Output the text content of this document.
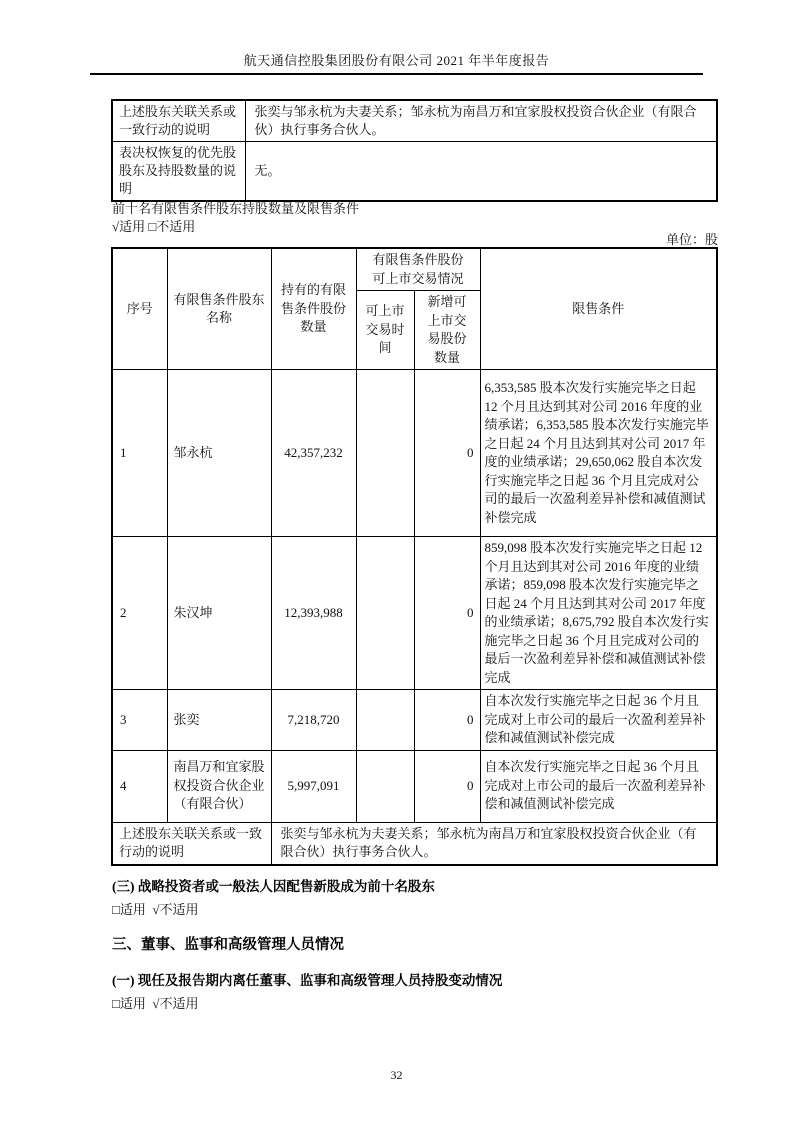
航天通信控股集团股份有限公司 2021 年半年度报告
上述股东关联关系或一致行动的说明	张奕与邹永杭为夫妻关系；邹永杭为南昌万和宜家股权投资合伙企业（有限合伙）执行事务合伙人。
表决权恢复的优先股股东及持股数量的说明	无。
前十名有限售条件股东持股数量及限售条件
√适用 □不适用
单位：股
序号	有限售条件股东名称	持有的有限售条件股份数量	有限售条件股份可上市交易情况		限售条件
			可上市交易时间	新增可上市交易股份数量	
1	邹永杭	42,357,232		0	6,353,585 股本次发行实施完毕之日起 12 个月且达到其对公司 2016 年度的业绩承诺；6,353,585 股本次发行实施完毕之日起 24 个月且达到其对公司 2017 年度的业绩承诺；29,650,062 股自本次发行实施完毕之日起 36 个月且完成对公司的最后一次盈利差异补偿和减值测试补偿完成
2	朱汉坤	12,393,988		0	859,098 股本次发行实施完毕之日起 12 个月且达到其对公司 2016 年度的业绩承诺；859,098 股本次发行实施完毕之日起 24 个月且达到其对公司 2017 年度的业绩承诺；8,675,792 股自本次发行实施完毕之日起 36 个月且完成对公司的最后一次盈利差异补偿和减值测试补偿完成
3	张奕	7,218,720		0	自本次发行实施完毕之日起 36 个月且完成对上市公司的最后一次盈利差异补偿和减值测试补偿完成
4	南昌万和宜家股权投资合伙企业（有限合伙）	5,997,091		0	自本次发行实施完毕之日起 36 个月且完成对上市公司的最后一次盈利差异补偿和减值测试补偿完成
上述股东关联关系或一致行动的说明		张奕与邹永杭为夫妻关系；邹永杭为南昌万和宜家股权投资合伙企业（有限合伙）执行事务合伙人。			
(三) 战略投资者或一般法人因配售新股成为前十名股东
□适用  √不适用
三、董事、监事和高级管理人员情况
(一) 现任及报告期内离任董事、监事和高级管理人员持股变动情况
□适用  √不适用
32
